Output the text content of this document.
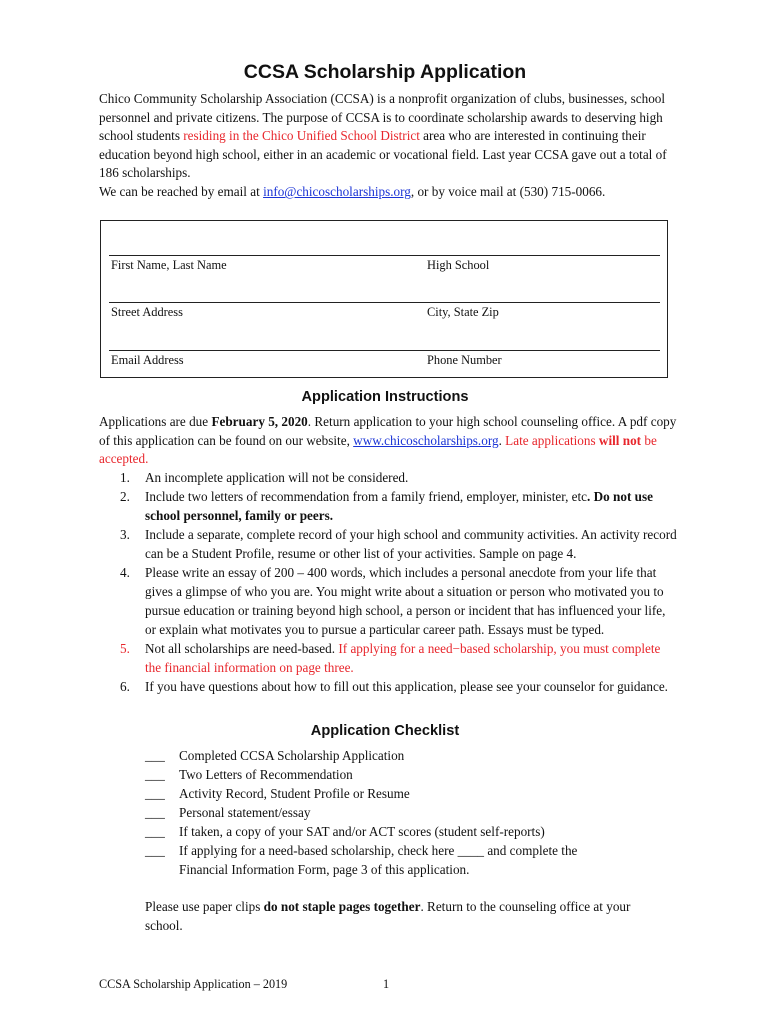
CCSA Scholarship Application
Chico Community Scholarship Association (CCSA) is a nonprofit organization of clubs, businesses, school personnel and private citizens. The purpose of CCSA is to coordinate scholarship awards to deserving high school students residing in the Chico Unified School District area who are interested in continuing their education beyond high school, either in an academic or vocational field. Last year CCSA gave out a total of 186 scholarships.
We can be reached by email at info@chicoscholarships.org, or by voice mail at (530) 715-0066.
First Name, Last Name	High School
Street Address	City, State Zip
Email Address	Phone Number
Application Instructions
Applications are due February 5, 2020. Return application to your high school counseling office. A pdf copy of this application can be found on our website, www.chicoscholarships.org. Late applications will not be accepted.
1. An incomplete application will not be considered.
2. Include two letters of recommendation from a family friend, employer, minister, etc. Do not use school personnel, family or peers.
3. Include a separate, complete record of your high school and community activities. An activity record can be a Student Profile, resume or other list of your activities. Sample on page 4.
4. Please write an essay of 200 – 400 words, which includes a personal anecdote from your life that gives a glimpse of who you are. You might write about a situation or person who motivated you to pursue education or training beyond high school, a person or incident that has influenced your life, or explain what motivates you to pursue a particular career path. Essays must be typed.
5. Not all scholarships are need-based. If applying for a need−based scholarship, you must complete the financial information on page three.
6. If you have questions about how to fill out this application, please see your counselor for guidance.
Application Checklist
___ Completed CCSA Scholarship Application
___ Two Letters of Recommendation
___ Activity Record, Student Profile or Resume
___ Personal statement/essay
___ If taken, a copy of your SAT and/or ACT scores (student self-reports)
___ If applying for a need-based scholarship, check here ____ and complete the Financial Information Form, page 3 of this application.
Please use paper clips do not staple pages together. Return to the counseling office at your school.
CCSA Scholarship Application – 2019	1
